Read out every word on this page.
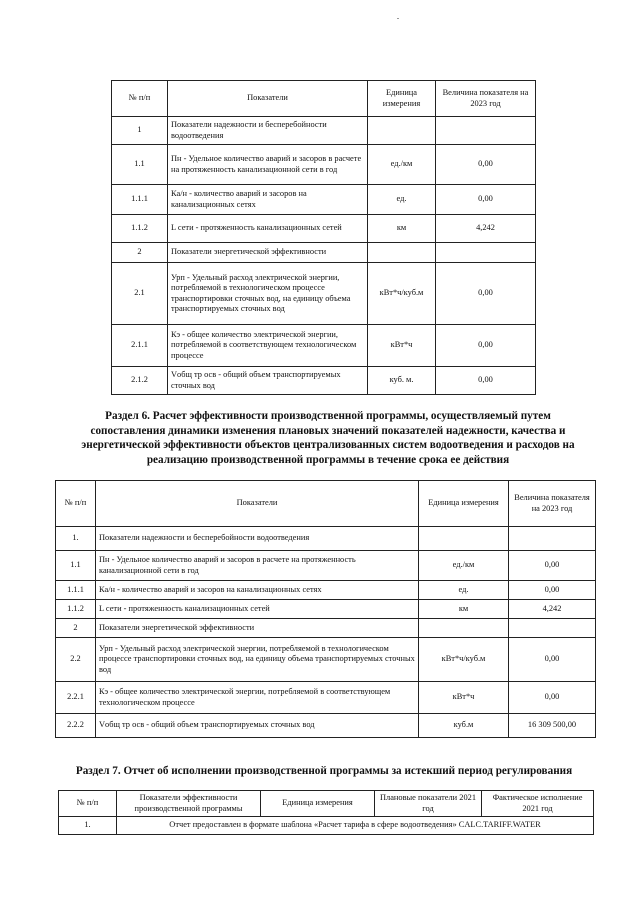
№ п/п	Показатели	Единица измерения	Величина показателя на 2023 год
1	Показатели надежности и бесперебойности водоотведения		
1.1	Пн - Удельное количество аварий и засоров в расчете на протяженность канализационной сети в год	ед./км	0,00
1.1.1	Ка/н - количество аварий и засоров на канализационных сетях	ед.	0,00
1.1.2	L сети - протяженность канализационных сетей	км	4,242
2	Показатели энергетической эффективности		
2.1	Урп - Удельный расход электрической энергии, потребляемой в технологическом процессе транспортировки сточных вод, на единицу объема транспортируемых сточных вод	кВт*ч/куб.м	0,00
2.1.1	Кэ - общее количество электрической энергии, потребляемой в соответствующем технологическом процессе	кВт*ч	0,00
2.1.2	Vобщ тр осв - общий объем транспортируемых сточных вод	куб. м.	0,00
Раздел 6. Расчет эффективности производственной программы, осуществляемый путем сопоставления динамики изменения плановых значений показателей надежности, качества и энергетической эффективности объектов централизованных систем водоотведения и расходов на реализацию производственной программы в течение срока ее действия
№ п/п	Показатели	Единица измерения	Величина показателя на 2023 год
1.	Показатели надежности и бесперебойности водоотведения		
1.1	Пн - Удельное количество аварий и засоров в расчете на протяженность канализационной сети в год	ед./км	0,00
1.1.1	Ка/н - количество аварий и засоров на канализационных сетях	ед.	0,00
1.1.2	L сети - протяженность канализационных сетей	км	4,242
2	Показатели энергетической эффективности		
2.2	Урп - Удельный расход электрической энергии, потребляемой в технологическом процессе транспортировки сточных вод, на единицу объема транспортируемых сточных вод	кВт*ч/куб.м	0,00
2.2.1	Кэ - общее количество электрической энергии, потребляемой в соответствующем технологическом процессе	кВт*ч	0,00
2.2.2	Vобщ тр осв - общий объем транспортируемых сточных вод	куб.м	16 309 500,00
Раздел 7. Отчет об исполнении производственной программы за истекший период регулирования
№ п/п	Показатели эффективности производственной программы	Единица измерения	Плановые показатели 2021 год	Фактическое исполнение 2021 год
1.	Отчет предоставлен в формате шаблона «Расчет тарифа в сфере водоотведения» CALC.TARIFF.WATER			
